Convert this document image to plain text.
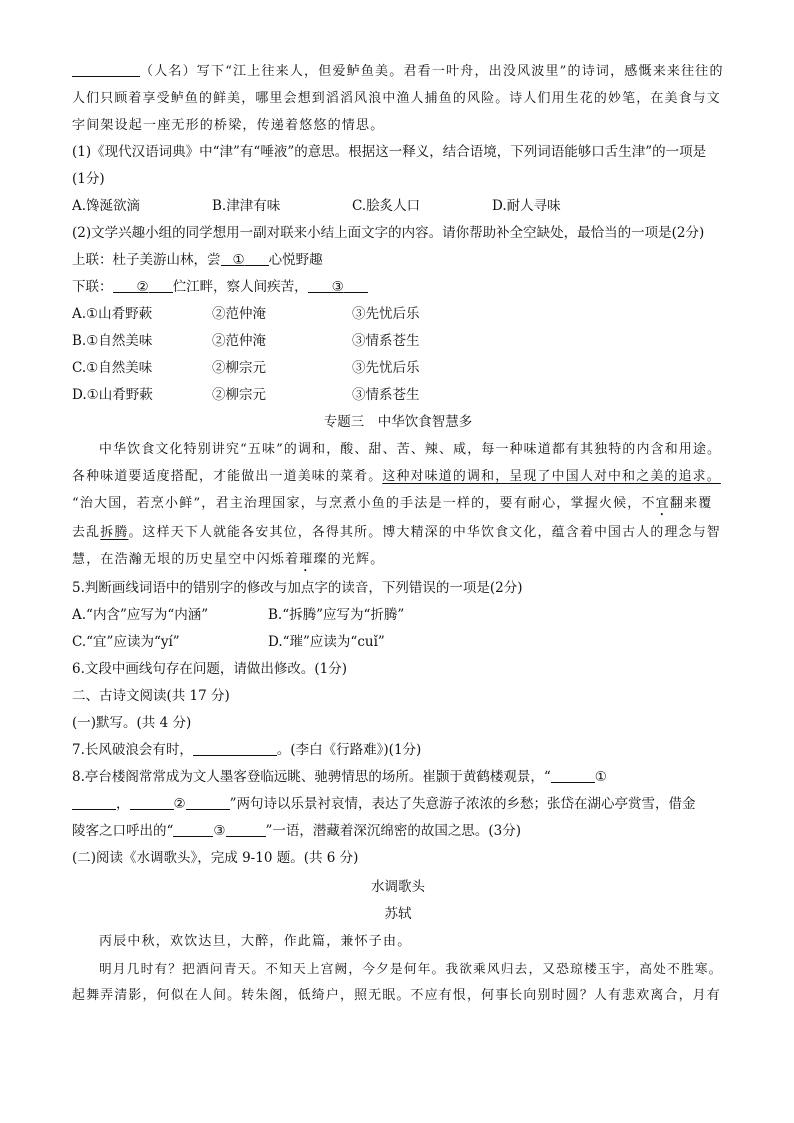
（人名）写下“江上往来人，但爱鲈鱼美。君看一叶舟，出没风波里”的诗词，感慨来来往往的
人们只顾着享受鲈鱼的鲜美，哪里会想到滔滔风浪中渔人捕鱼的风险。诗人们用生花的妙笔，在美食与文
字间架设起一座无形的桥梁，传递着悠悠的情思。
(1)《现代汉语词典》中“津”有“唾液”的意思。根据这一释义，结合语境，下列词语能够口舌生津”的一项是
(1分)
A.馋涎欲滴	B.津津有味	C.脍炙人口	D.耐人寻味
(2)文学兴趣小组的同学想用一副对联来小结上面文字的内容。请你帮助补全空缺处，最恰当的一项是(2分)
上联：杜子美游山林，尝 ① 心悦野趣
下联： ② 伫江畔，察人间疾苦， ③
A.①山肴野蔌	②范仲淹	③先忧后乐
B.①自然美味	②范仲淹	③情系苍生
C.①自然美味	②柳宗元	③先忧后乐
D.①山肴野蔌	②柳宗元	③情系苍生
专题三　中华饮食智慧多
中华饮食文化特别讲究“五味”的调和，酸、甜、苦、辣、咸，每一种味道都有其独特的内含和用途。
各种味道要适度搭配，才能做出一道美味的菜肴。这种对味道的调和，呈现了中国人对中和之美的追求。
“治大国，若烹小鲜”，君主治理国家，与烹煮小鱼的手法是一样的，要有耐心，掌握火候，不宜翻来覆
去乱拆腾。这样天下人就能各安其位，各得其所。博大精深的中华饮食文化，蕴含着中国古人的理念与智
慧，在浩瀚无垠的历史星空中闪烁着璀璨的光辉。
5.判断画线词语中的错别字的修改与加点字的读音，下列错误的一项是(2分)
A.“内含”应写为“内涵”	B.“拆腾”应写为“折腾”
C.“宜”应读为“yí”	D.“璀”应读为“cuǐ”
6.文段中画线句存在问题，请做出修改。(1分)
二、古诗文阅读(共 17 分)
(一)默写。(共 4 分)
7.长风破浪会有时，	。(李白《行路难》)(1分)
8.亭台楼阁常常成为文人墨客登临远眺、驰骋情思的场所。崔颢于黄鹤楼观景，“	①
，	②	”两句诗以乐景衬哀情，表达了失意游子浓浓的乡愁；张岱在湖心亭赏雪，借金
陵客之口呼出的“	③	”一语，潜藏着深沉绵密的故国之思。(3分)
(二)阅读《水调歌头》，完成 9-10 题。(共 6 分)
水调歌头
苏轼
丙辰中秋，欢饮达旦，大醉，作此篇，兼怀子由。
明月几时有？把酒问青天。不知天上宫阙，今夕是何年。我欲乘风归去，又恐琼楼玉宇，高处不胜寒。
起舞弄清影，何似在人间。转朱阁，低绮户，照无眠。不应有恨，何事长向别时圆？人有悲欢离合，月有
